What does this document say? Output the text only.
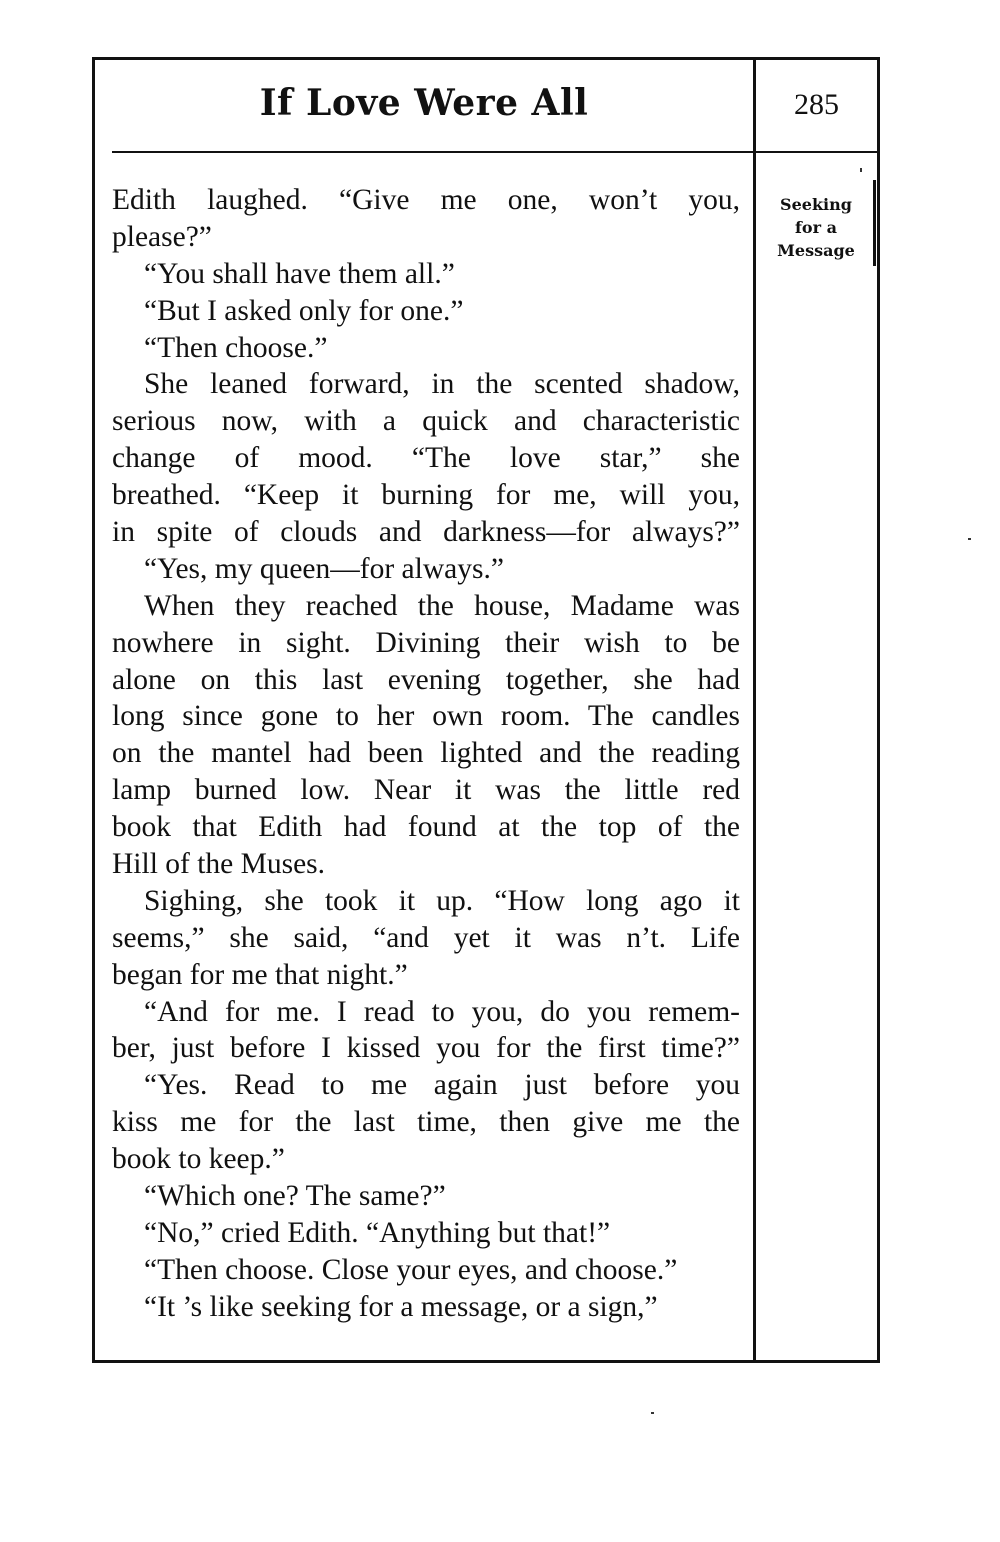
If Love Were All	285
Seeking
for a
Message
Edith laughed. “Give me one, won’t you,
please?”
“You shall have them all.”
“But I asked only for one.”
“Then choose.”
She leaned forward, in the scented shadow,
serious now, with a quick and characteristic
change of mood. “The love star,” she
breathed. “Keep it burning for me, will you,
in spite of clouds and darkness—for always?”
“Yes, my queen—for always.”
When they reached the house, Madame was
nowhere in sight. Divining their wish to be
alone on this last evening together, she had
long since gone to her own room. The candles
on the mantel had been lighted and the reading
lamp burned low. Near it was the little red
book that Edith had found at the top of the
Hill of the Muses.
Sighing, she took it up. “How long ago it
seems,” she said, “and yet it was n’t. Life
began for me that night.”
“And for me. I read to you, do you remem-
ber, just before I kissed you for the first time?”
“Yes. Read to me again just before you
kiss me for the last time, then give me the
book to keep.”
“Which one? The same?”
“No,” cried Edith. “Anything but that!”
“Then choose. Close your eyes, and choose.”
“It ’s like seeking for a message, or a sign,”
